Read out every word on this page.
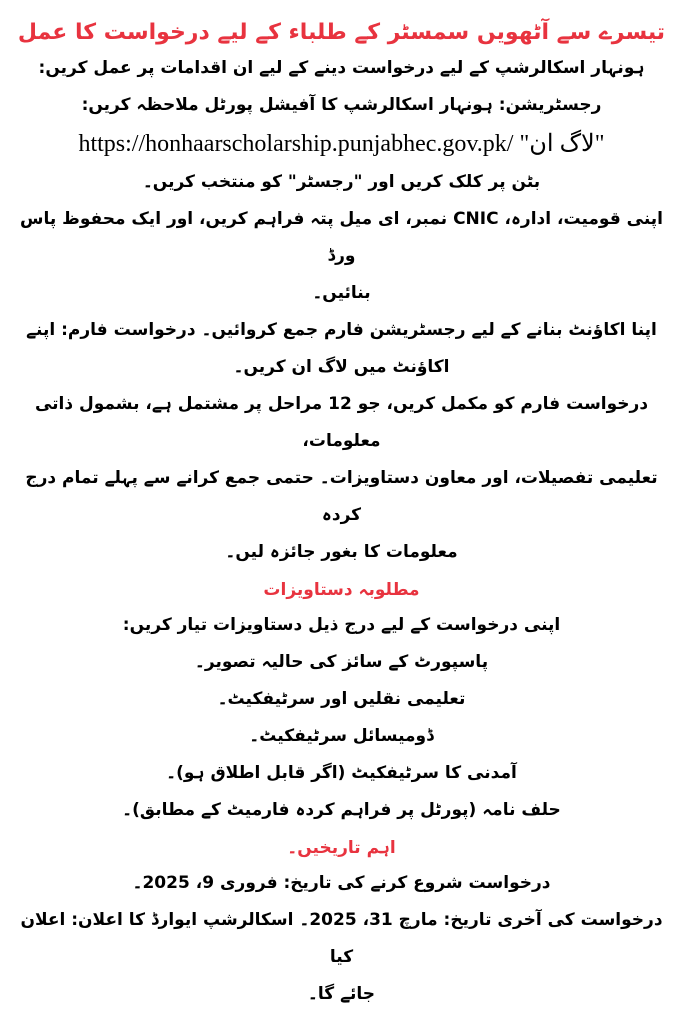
تیسرے سے آٹھویں سمسٹر کے طلباء کے لیے درخواست کا عمل

ہونہار اسکالرشپ کے لیے درخواست دینے کے لیے ان اقدامات پر عمل کریں:

رجسٹریشن: ہونہار اسکالرشپ کا آفیشل پورٹل ملاحظہ کریں:

https://honhaarscholarship.punjabhec.gov.pk/ "لاگ ان"

بٹن پر کلک کریں اور "رجسٹر" کو منتخب کریں۔

اپنی قومیت، ادارہ، CNIC نمبر، ای میل پتہ فراہم کریں، اور ایک محفوظ پاس ورڈ

بنائیں۔

اپنا اکاؤنٹ بنانے کے لیے رجسٹریشن فارم جمع کروائیں۔ درخواست فارم: اپنے

اکاؤنٹ میں لاگ ان کریں۔

درخواست فارم کو مکمل کریں، جو 12 مراحل پر مشتمل ہے، بشمول ذاتی معلومات،

تعلیمی تفصیلات، اور معاون دستاویزات۔ حتمی جمع کرانے سے پہلے تمام درج کردہ

معلومات کا بغور جائزہ لیں۔

مطلوبہ دستاویزات

اپنی درخواست کے لیے درج ذیل دستاویزات تیار کریں:

پاسپورٹ کے سائز کی حالیہ تصویر۔

تعلیمی نقلیں اور سرٹیفکیٹ۔

ڈومیسائل سرٹیفکیٹ۔

آمدنی کا سرٹیفکیٹ (اگر قابل اطلاق ہو)۔

حلف نامہ (پورٹل پر فراہم کردہ فارمیٹ کے مطابق)۔

اہم تاریخیں۔

درخواست شروع کرنے کی تاریخ: فروری 9، 2025۔

درخواست کی آخری تاریخ: مارچ 31، 2025۔ اسکالرشپ ایوارڈ کا اعلان: اعلان کیا

جائے گا۔
